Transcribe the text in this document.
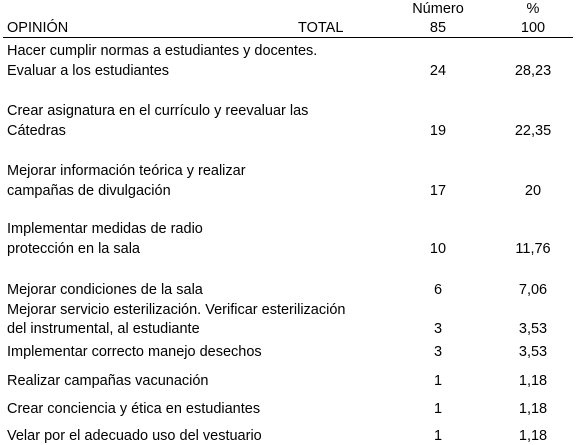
Número	%
OPINIÓN	TOTAL	85	100
Hacer cumplir normas a estudiantes y docentes.
Evaluar a los estudiantes	24	28,23
Crear asignatura en el currículo y reevaluar las
Cátedras	19	22,35
Mejorar información teórica y realizar
campañas de divulgación	17	20
Implementar medidas de radio
protección en la sala	10	11,76
Mejorar condiciones de la sala	6	7,06
Mejorar servicio esterilización. Verificar esterilización
del instrumental, al estudiante	3	3,53
Implementar correcto manejo desechos	3	3,53
Realizar campañas vacunación	1	1,18
Crear conciencia y ética en estudiantes	1	1,18
Velar por el adecuado uso del vestuario	1	1,18
